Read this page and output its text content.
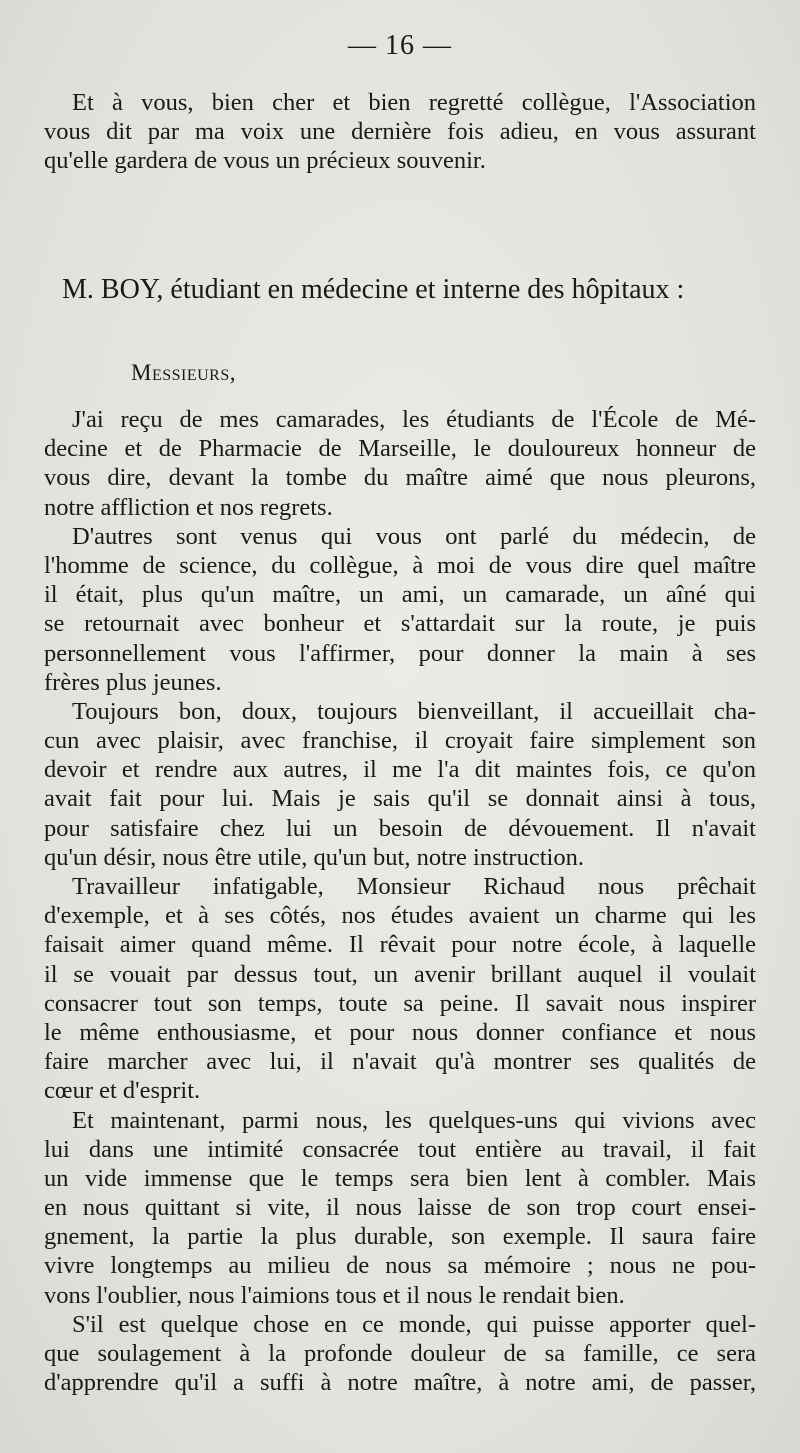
— 16 —
Et à vous, bien cher et bien regretté collègue, l'Association
vous dit par ma voix une dernière fois adieu, en vous assurant
qu'elle gardera de vous un précieux souvenir.
M. BOY, étudiant en médecine et interne des hôpitaux :
Messieurs,
J'ai reçu de mes camarades, les étudiants de l'École de Mé-
decine et de Pharmacie de Marseille, le douloureux honneur de
vous dire, devant la tombe du maître aimé que nous pleurons,
notre affliction et nos regrets.
D'autres sont venus qui vous ont parlé du médecin, de
l'homme de science, du collègue, à moi de vous dire quel maître
il était, plus qu'un maître, un ami, un camarade, un aîné qui
se retournait avec bonheur et s'attardait sur la route, je puis
personnellement vous l'affirmer, pour donner la main à ses
frères plus jeunes.
Toujours bon, doux, toujours bienveillant, il accueillait cha-
cun avec plaisir, avec franchise, il croyait faire simplement son
devoir et rendre aux autres, il me l'a dit maintes fois, ce qu'on
avait fait pour lui. Mais je sais qu'il se donnait ainsi à tous,
pour satisfaire chez lui un besoin de dévouement. Il n'avait
qu'un désir, nous être utile, qu'un but, notre instruction.
Travailleur infatigable, Monsieur Richaud nous prêchait
d'exemple, et à ses côtés, nos études avaient un charme qui les
faisait aimer quand même. Il rêvait pour notre école, à laquelle
il se vouait par dessus tout, un avenir brillant auquel il voulait
consacrer tout son temps, toute sa peine. Il savait nous inspirer
le même enthousiasme, et pour nous donner confiance et nous
faire marcher avec lui, il n'avait qu'à montrer ses qualités de
cœur et d'esprit.
Et maintenant, parmi nous, les quelques-uns qui vivions avec
lui dans une intimité consacrée tout entière au travail, il fait
un vide immense que le temps sera bien lent à combler. Mais
en nous quittant si vite, il nous laisse de son trop court ensei-
gnement, la partie la plus durable, son exemple. Il saura faire
vivre longtemps au milieu de nous sa mémoire ; nous ne pou-
vons l'oublier, nous l'aimions tous et il nous le rendait bien.
S'il est quelque chose en ce monde, qui puisse apporter quel-
que soulagement à la profonde douleur de sa famille, ce sera
d'apprendre qu'il a suffi à notre maître, à notre ami, de passer,
